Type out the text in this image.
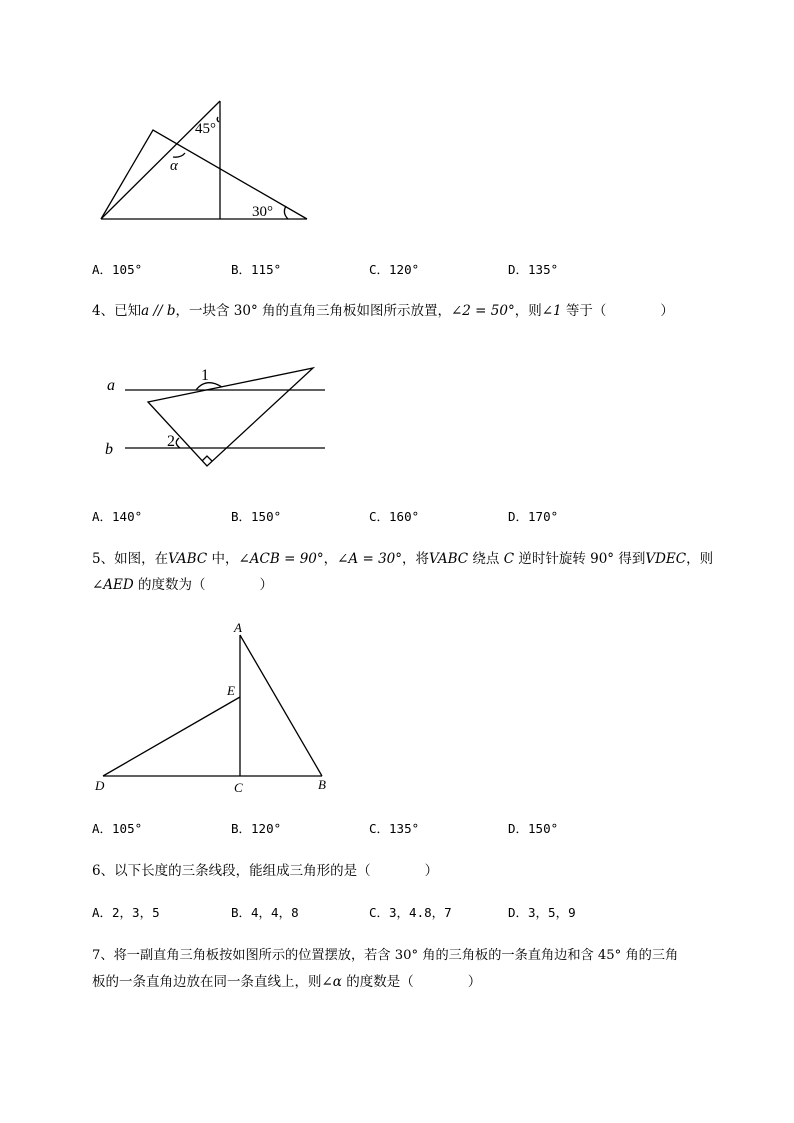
45°
α
30°
A．105°	B．115°	C．120°	D．135°
4、已知a // b，一块含 30° 角的直角三角板如图所示放置，∠2 = 50°，则∠1 等于（　　　　）
1
2
a
b
A．140°	B．150°	C．160°	D．170°
5、如图，在VABC 中，∠ACB = 90°，∠A = 30°，将VABC 绕点 C 逆时针旋转 90° 得到VDEC，则
∠AED 的度数为（　　　　）
A
E
D	C	B
A．105°	B．120°	C．135°	D．150°
6、以下长度的三条线段，能组成三角形的是（　　　　）
A．2，3，5	B．4，4，8	C．3，4.8，7	D．3，5，9
7、将一副直角三角板按如图所示的位置摆放，若含 30° 角的三角板的一条直角边和含 45° 角的三角
板的一条直角边放在同一条直线上，则∠α 的度数是（　　　　）
